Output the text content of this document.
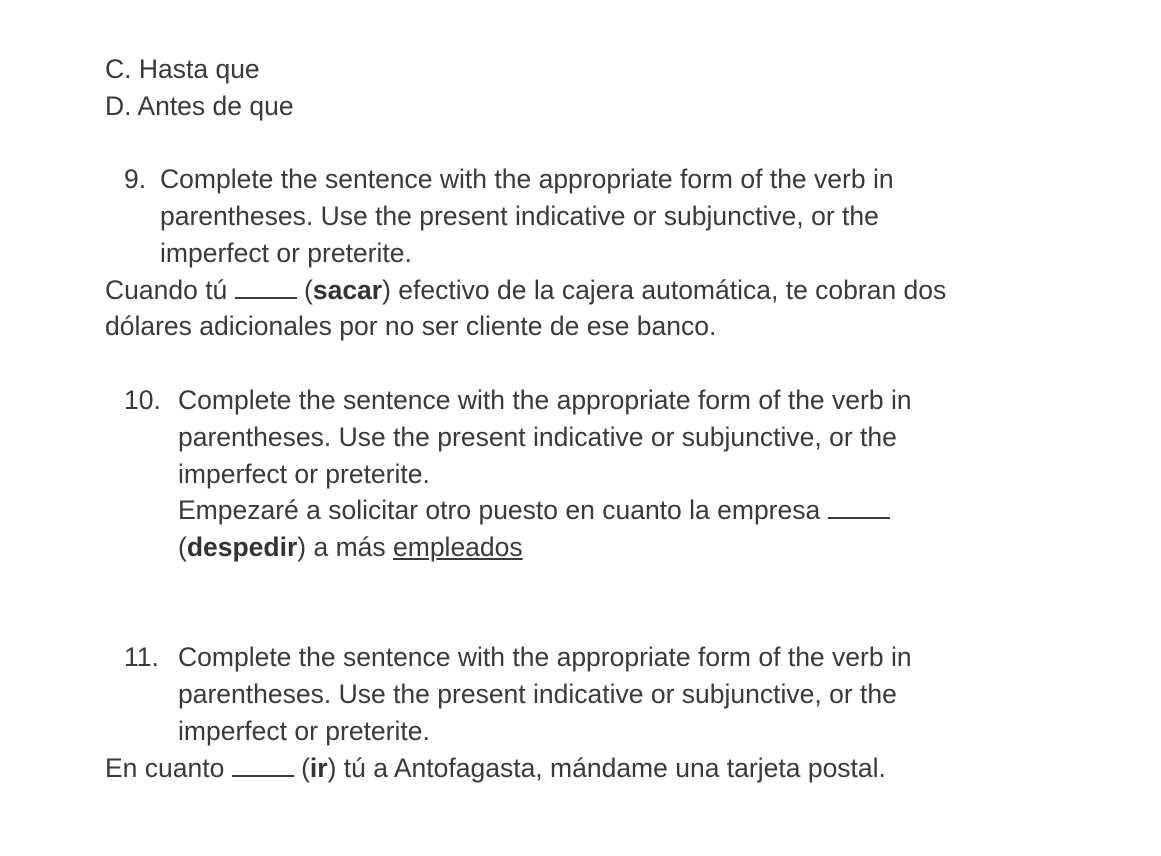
C. Hasta que
D. Antes de que
9. Complete the sentence with the appropriate form of the verb in
parentheses. Use the present indicative or subjunctive, or the
imperfect or preterite.
Cuando tú  (sacar) efectivo de la cajera automática, te cobran dos
dólares adicionales por no ser cliente de ese banco.
10. Complete the sentence with the appropriate form of the verb in
parentheses. Use the present indicative or subjunctive, or the
imperfect or preterite.
Empezaré a solicitar otro puesto en cuanto la empresa
(despedir) a más empleados
11. Complete the sentence with the appropriate form of the verb in
parentheses. Use the present indicative or subjunctive, or the
imperfect or preterite.
En cuanto  (ir) tú a Antofagasta, mándame una tarjeta postal.
